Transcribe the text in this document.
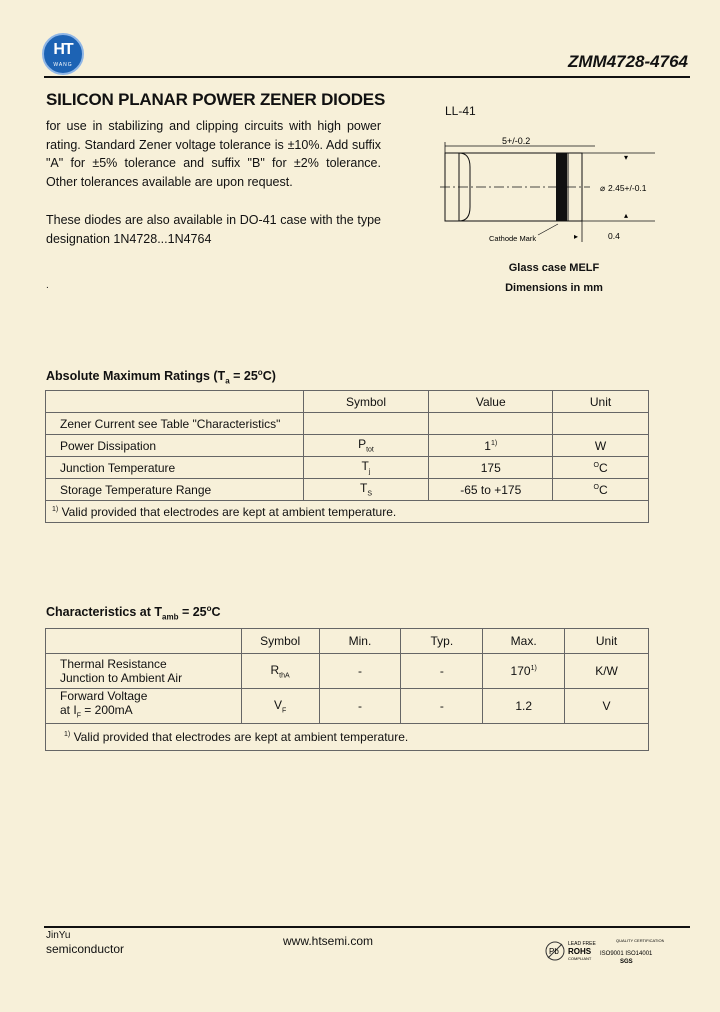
HT
WANG	ZMM4728-4764
SILICON PLANAR POWER ZENER DIODES
for use in stabilizing and clipping circuits with high power rating. Standard Zener voltage tolerance is ±10%. Add suffix "A" for ±5% tolerance and suffix "B" for ±2% tolerance. Other tolerances available are upon request.
These diodes are also available in DO-41 case with the type designation 1N4728...1N4764
.
LL-41
5+/-0.2
▾
▴
⌀ 2.45+/-0.1
▸	0.4
Cathode Mark
Glass case MELF
Dimensions in mm
Absolute Maximum Ratings $(T_a = 25^oC)$
	Symbol	Value	Unit
Zener Current see Table "Characteristics"			
Power Dissipation	$P_{tot}$	1$^{1)}$	W
Junction Temperature	$T_j$	175	$^O$C
Storage Temperature Range	$T_S$	-65 to +175	$^O$C
$^{1)}$ Valid provided that electrodes are kept at ambient temperature.			
Characteristics at $T_{amb} = 25^oC$
	Symbol	Min.	Typ.	Max.	Unit
Thermal Resistance
Junction to Ambient Air	$R_{thA}$	-	-	170$^{1)}$	K/W
Forward Voltage
at $I_F = 200mA$	$V_F$	-	-	1.2	V
$^{1)}$ Valid provided that electrodes are kept at ambient temperature.					
JinYu
semiconductor
www.htsemi.com
Pb
LEAD FREE
ROHS
COMPLIANT
QUALITY CERTIFICATION
ISO9001 ISO14001
SGS
